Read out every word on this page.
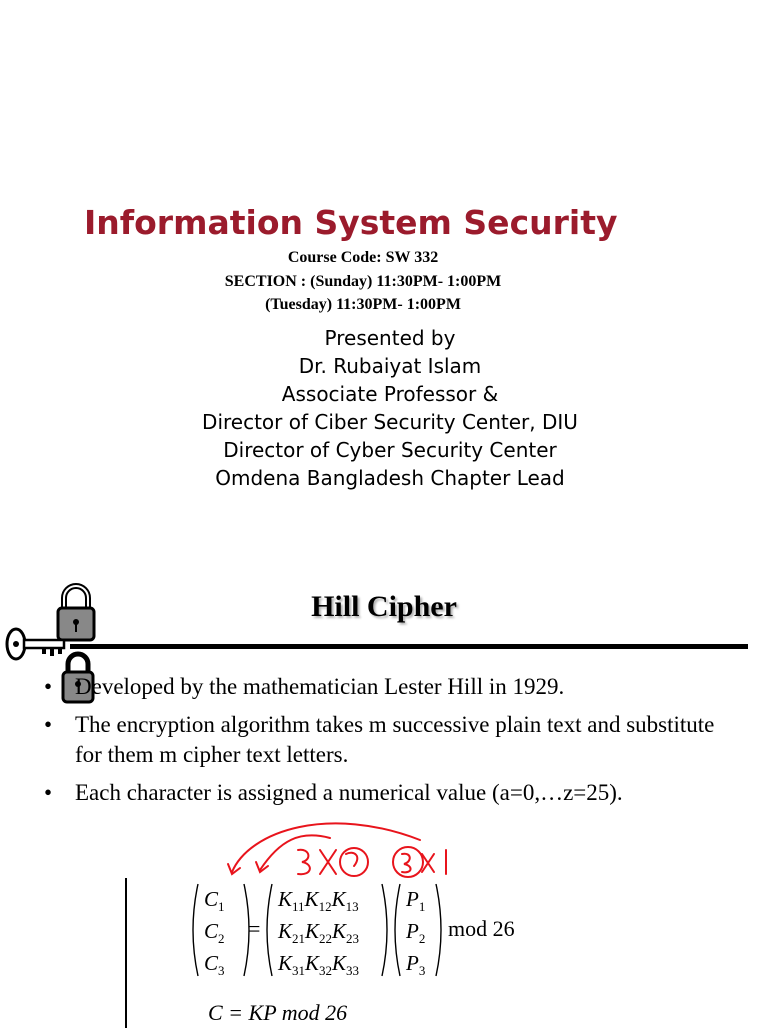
Information System Security
Course Code: SW 332
SECTION : (Sunday) 11:30PM- 1:00PM
(Tuesday) 11:30PM- 1:00PM
Presented by
Dr. Rubaiyat Islam
Associate Professor &
Director of Ciber Security Center, DIU
Director of Cyber Security Center
Omdena Bangladesh Chapter Lead
Hill Cipher
• Developed by the mathematician Lester Hill in 1929.
• The encryption algorithm takes m successive plain text and substitute for them m cipher text letters.
• Each character is assigned a numerical value (a=0,…z=25).
$C_1$
$C_2$
$C_3$
$K_{11}K_{12}K_{13}$
$K_{21}K_{22}K_{23}$
$K_{31}K_{32}K_{33}$
$P_1$
$P_2$
$P_3$
=	mod 26
C = KP mod 26
